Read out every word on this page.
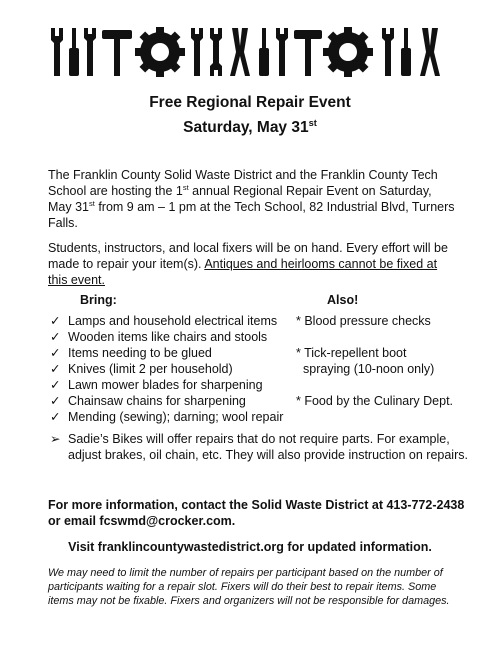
Free Regional Repair Event
Saturday, May 31st
The Franklin County Solid Waste District and the Franklin County Tech School are hosting the 1st annual Regional Repair Event on Saturday, May 31st from 9 am – 1 pm at the Tech School, 82 Industrial Blvd, Turners Falls.
Students, instructors, and local fixers will be on hand. Every effort will be made to repair your item(s). Antiques and heirlooms cannot be fixed at this event.
Bring:	Also!
✓ Lamps and household electrical items
✓ Wooden items like chairs and stools
✓ Items needing to be glued
✓ Knives (limit 2 per household)
✓ Lawn mower blades for sharpening
✓ Chainsaw chains for sharpening
✓ Mending (sewing); darning; wool repair
* Blood pressure checks

* Tick-repellent boot
spraying (10-noon only)

* Food by the Culinary Dept.
➢ Sadie’s Bikes will offer repairs that do not require parts. For example, adjust brakes, oil chain, etc. They will also provide instruction on repairs.
For more information, contact the Solid Waste District at 413-772-2438 or email fcswmd@crocker.com.
Visit franklincountywastedistrict.org for updated information.
We may need to limit the number of repairs per participant based on the number of participants waiting for a repair slot. Fixers will do their best to repair items. Some items may not be fixable. Fixers and organizers will not be responsible for damages.
